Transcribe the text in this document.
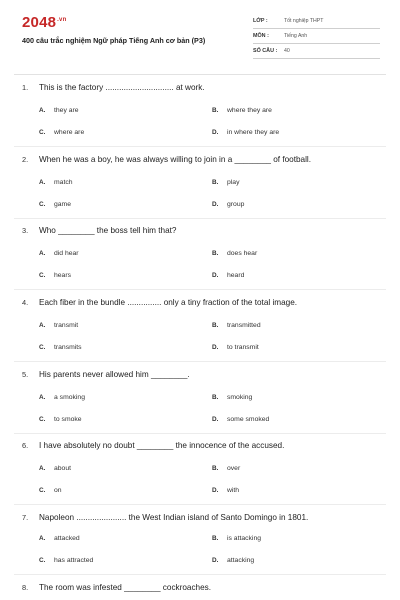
$2048^{.vn}$
400 câu trắc nghiệm Ngữ pháp Tiếng Anh cơ bản (P3)
LỚP :	Tốt nghiệp THPT
MÔN :	Tiếng Anh
SỐ CÂU : 40
1. This is the factory .............................. at work.
A. they are	B. where they are
C. where are	D. in where they are
2. When he was a boy, he was always willing to join in a ________ of football.
A. match	B. play
C. game	D. group
3. Who ________ the boss tell him that?
A. did hear	B. does hear
C. hears	D. heard
4. Each fiber in the bundle ............... only a tiny fraction of the total image.
A. transmit	B. transmitted
C. transmits	D. to transmit
5. His parents never allowed him ________.
A. a smoking	B. smoking
C. to smoke	D. some smoked
6. I have absolutely no doubt ________ the innocence of the accused.
A. about	B. over
C. on	D. with
7. Napoleon ...................... the West Indian island of Santo Domingo in 1801.
A. attacked	B. is attacking
C. has attracted	D. attacking
8. The room was infested ________ cockroaches.
